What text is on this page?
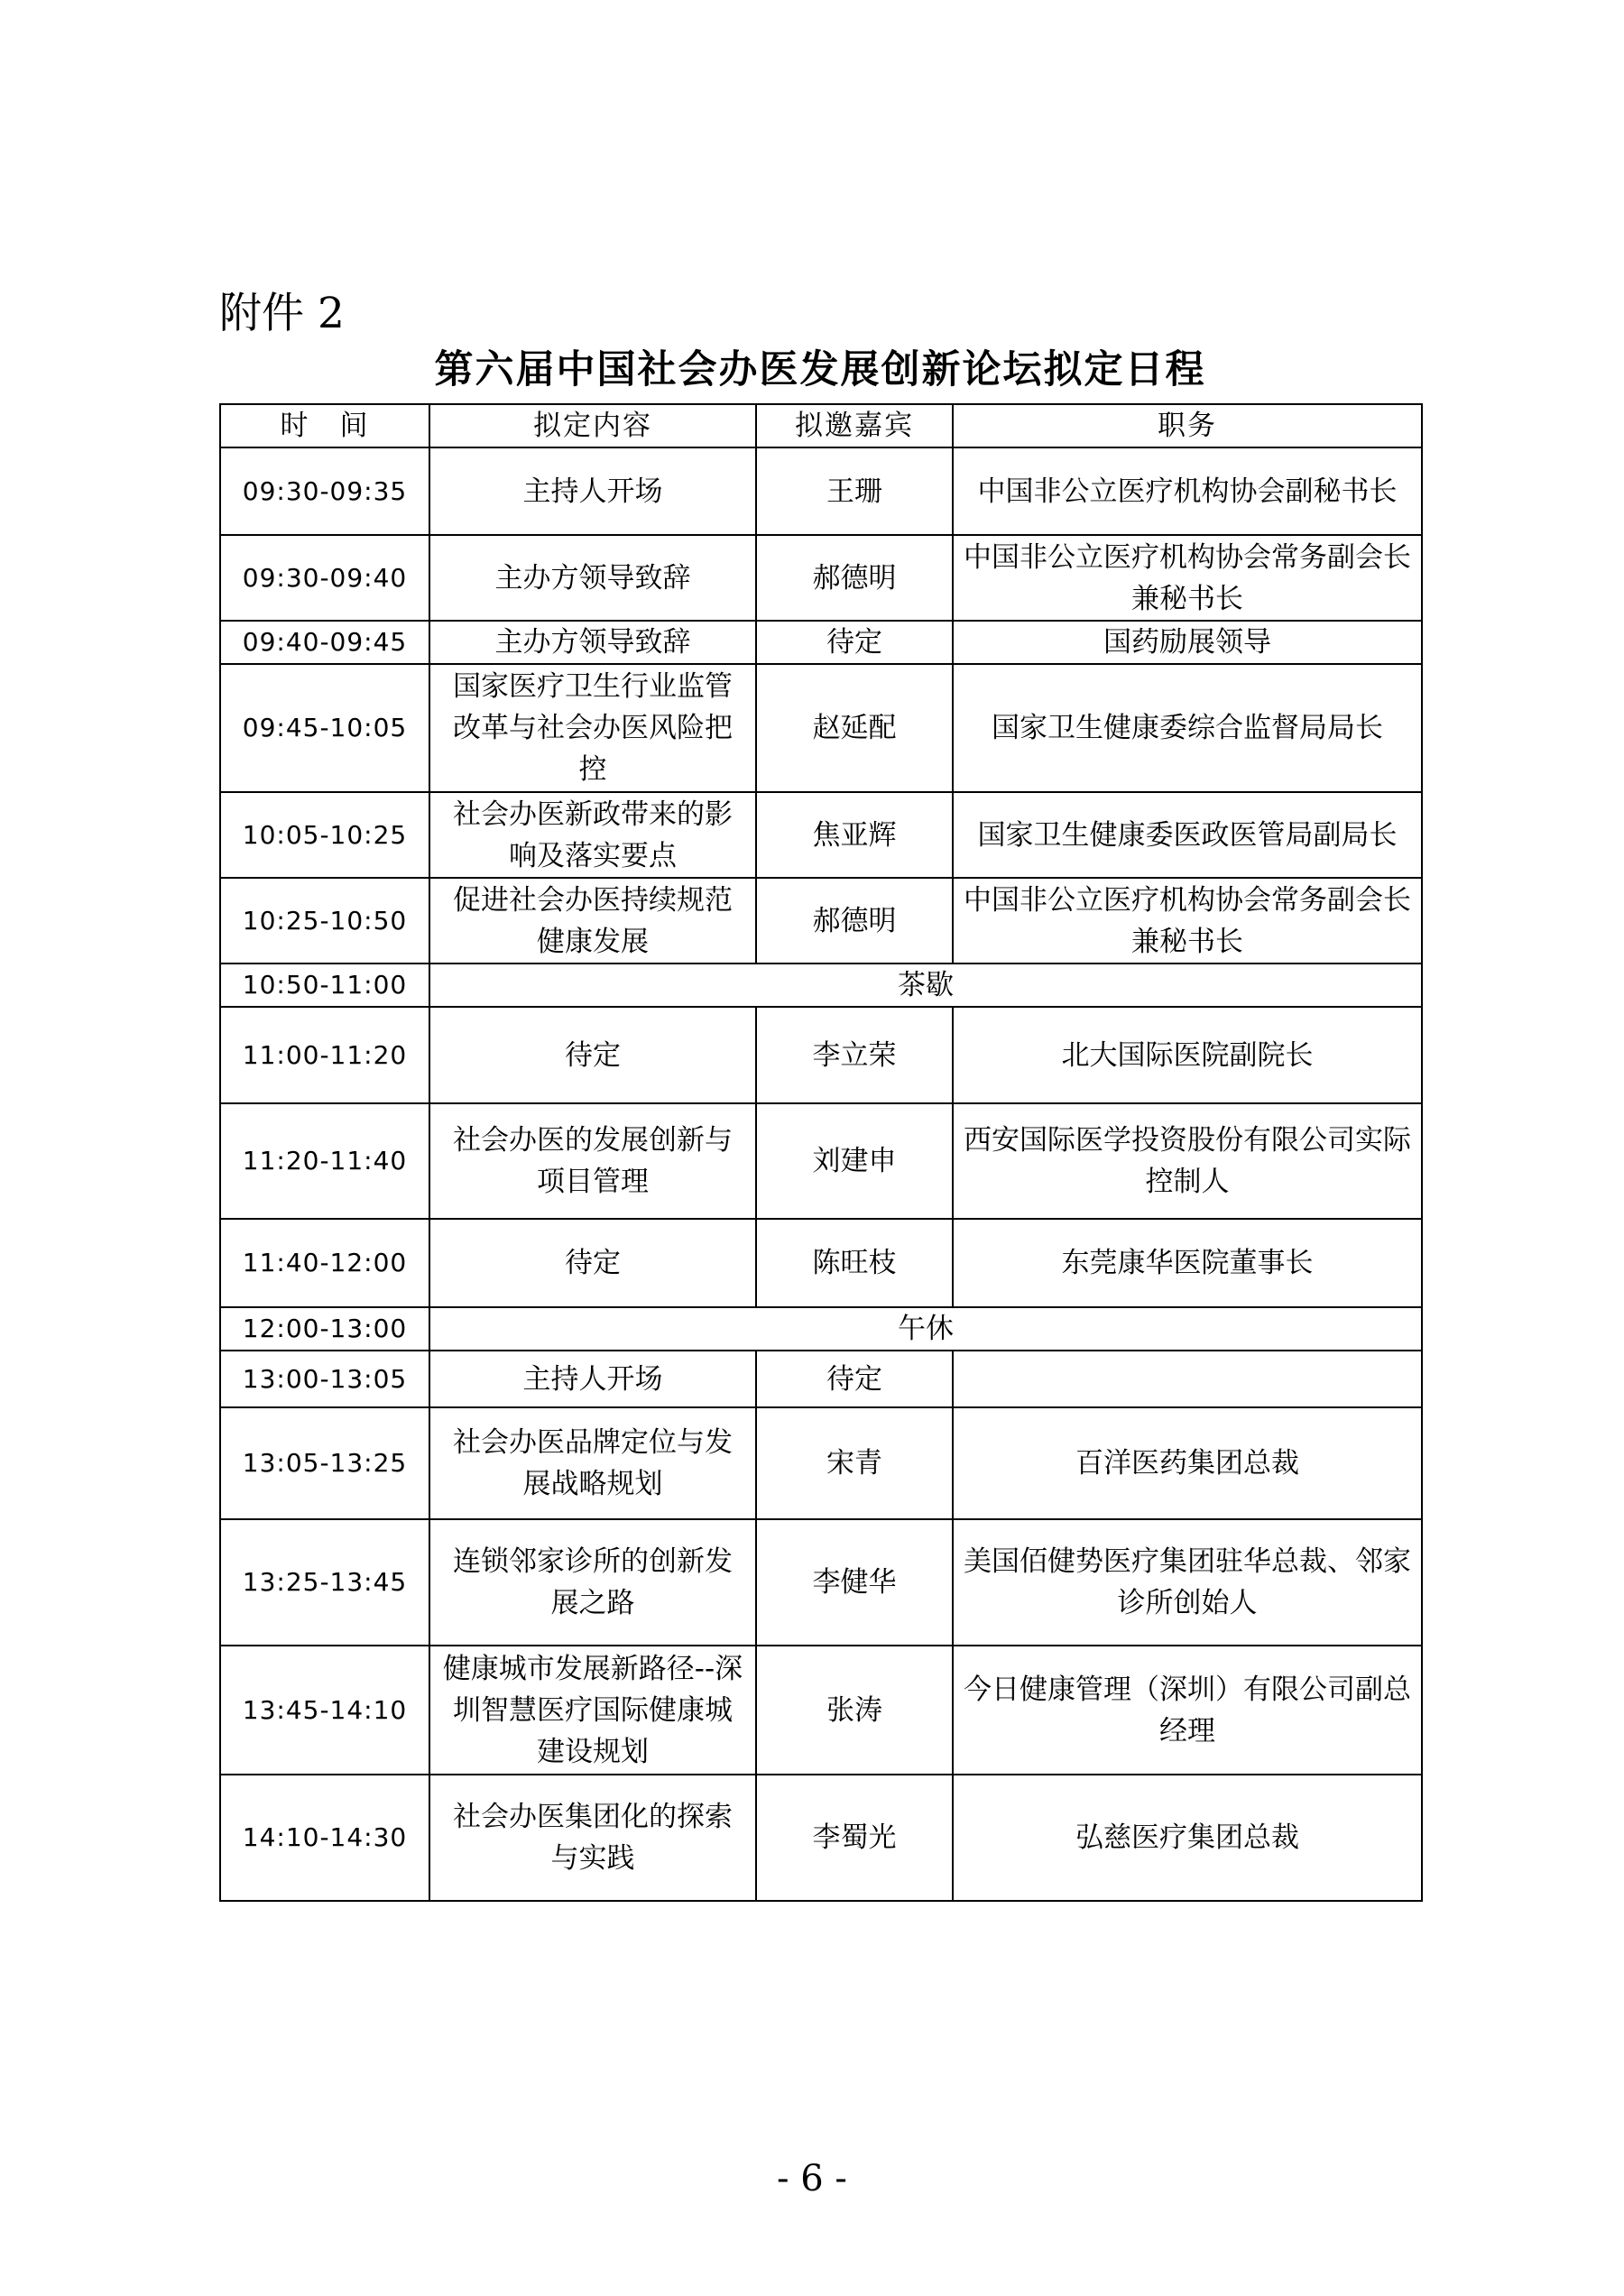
附件 2
第六届中国社会办医发展创新论坛拟定日程
时　间	拟定内容	拟邀嘉宾	职务
09:30-09:35	主持人开场	王珊	中国非公立医疗机构协会副秘书长
09:30-09:40	主办方领导致辞	郝德明	中国非公立医疗机构协会常务副会长兼秘书长
09:40-09:45	主办方领导致辞	待定	国药励展领导
09:45-10:05	国家医疗卫生行业监管改革与社会办医风险把控	赵延配	国家卫生健康委综合监督局局长
10:05-10:25	社会办医新政带来的影响及落实要点	焦亚辉	国家卫生健康委医政医管局副局长
10:25-10:50	促进社会办医持续规范健康发展	郝德明	中国非公立医疗机构协会常务副会长兼秘书长
10:50-11:00	茶歇		
11:00-11:20	待定	李立荣	北大国际医院副院长
11:20-11:40	社会办医的发展创新与项目管理	刘建申	西安国际医学投资股份有限公司实际控制人
11:40-12:00	待定	陈旺枝	东莞康华医院董事长
12:00-13:00	午休		
13:00-13:05	主持人开场	待定	
13:05-13:25	社会办医品牌定位与发展战略规划	宋青	百洋医药集团总裁
13:25-13:45	连锁邻家诊所的创新发展之路	李健华	美国佰健势医疗集团驻华总裁、邻家诊所创始人
13:45-14:10	健康城市发展新路径--深圳智慧医疗国际健康城建设规划	张涛	今日健康管理（深圳）有限公司副总经理
14:10-14:30	社会办医集团化的探索与实践	李蜀光	弘慈医疗集团总裁
- 6 -
